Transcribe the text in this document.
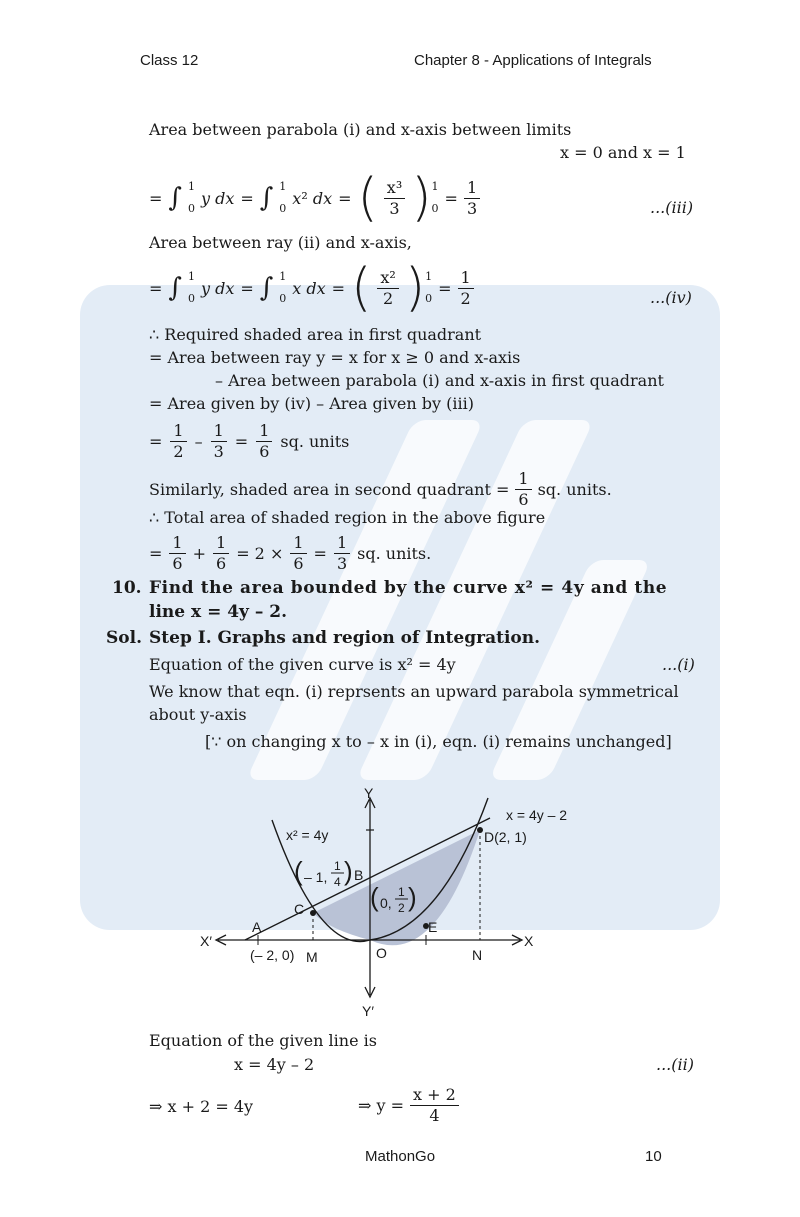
Class 12	Chapter 8 - Applications of Integrals
Area between parabola (i) and x-axis between limits
x = 0 and x = 1
= ∫ 1
0
y dx = ∫ 1
0
x² dx = ( x³
3 ) 1
0
= $\frac{1}{3}$	...(iii)
Area between ray (ii) and x-axis,
= ∫ 1
0
y dx = ∫ 1
0
x dx = ( x²
2 ) 1
0
= $\frac{1}{2}$	...(iv)
∴ Required shaded area in first quadrant
= Area between ray y = x for x ≥ 0 and x-axis
– Area between parabola (i) and x-axis in first quadrant
= Area given by (iv) – Area given by (iii)
= $\frac{1}{2} - \frac{1}{3} = \frac{1}{6}$ sq. units
Similarly, shaded area in second quadrant = $\frac{1}{6}$ sq. units.
∴ Total area of shaded region in the above figure
= $\frac{1}{6} + \frac{1}{6} = 2 \times \frac{1}{6} = \frac{1}{3}$ sq. units.
10. Find the area bounded by the curve x² = 4y and the
line x = 4y – 2.
Sol. Step I. Graphs and region of Integration.
Equation of the given curve is x² = 4y	...(i)
We know that eqn. (i) reprsents an upward parabola symmetrical
about y-axis
[∵ on changing x to – x in (i), eqn. (i) remains unchanged]
Y
Y′
X
X′
x² = 4y
x = 4y – 2
A
(– 2, 0) M	O	N
B
C
D(2, 1)
E
( – 1,
1
4 )
( 0,
1
2 )
Equation of the given line is
x = 4y – 2	...(ii)
⇒ x + 2 = 4y	⇒ $y = \frac{x + 2}{4}$
MathonGo	10
